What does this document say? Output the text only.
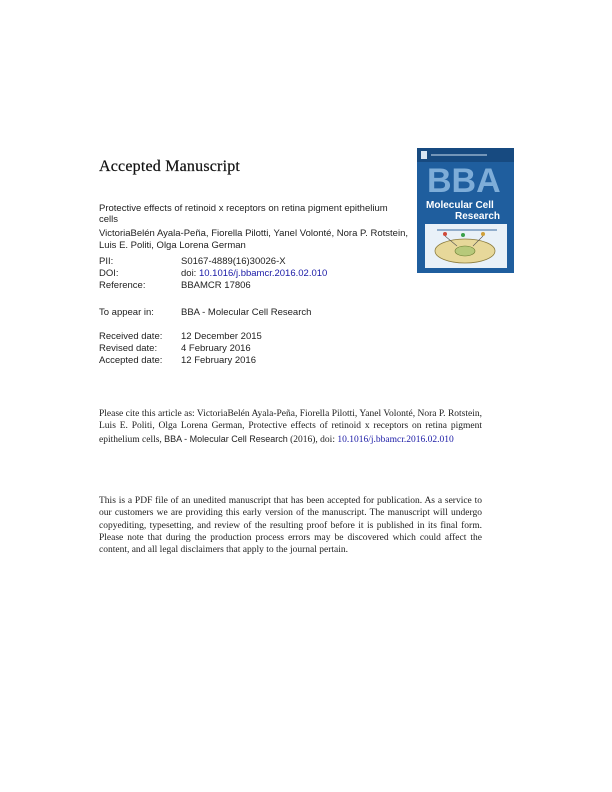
Accepted Manuscript
Protective effects of retinoid x receptors on retina pigment epithelium cells
VictoriaBelén Ayala-Peña, Fiorella Pilotti, Yanel Volonté, Nora P. Rotstein, Luis E. Politi, Olga Lorena German
PII:	S0167-4889(16)30026-X
DOI:	doi: 10.1016/j.bbamcr.2016.02.010
Reference:	BBAMCR 17806
To appear in:	BBA - Molecular Cell Research
Received date:	12 December 2015
Revised date:	4 February 2016
Accepted date:	12 February 2016
BBA
Molecular Cell
Research
Please cite this article as: VictoriaBelén Ayala-Peña, Fiorella Pilotti, Yanel Volonté, Nora P. Rotstein, Luis E. Politi, Olga Lorena German, Protective effects of retinoid x receptors on retina pigment epithelium cells, BBA - Molecular Cell Research (2016), doi: 10.1016/j.bbamcr.2016.02.010
This is a PDF file of an unedited manuscript that has been accepted for publication. As a service to our customers we are providing this early version of the manuscript. The manuscript will undergo copyediting, typesetting, and review of the resulting proof before it is published in its final form. Please note that during the production process errors may be discovered which could affect the content, and all legal disclaimers that apply to the journal pertain.
